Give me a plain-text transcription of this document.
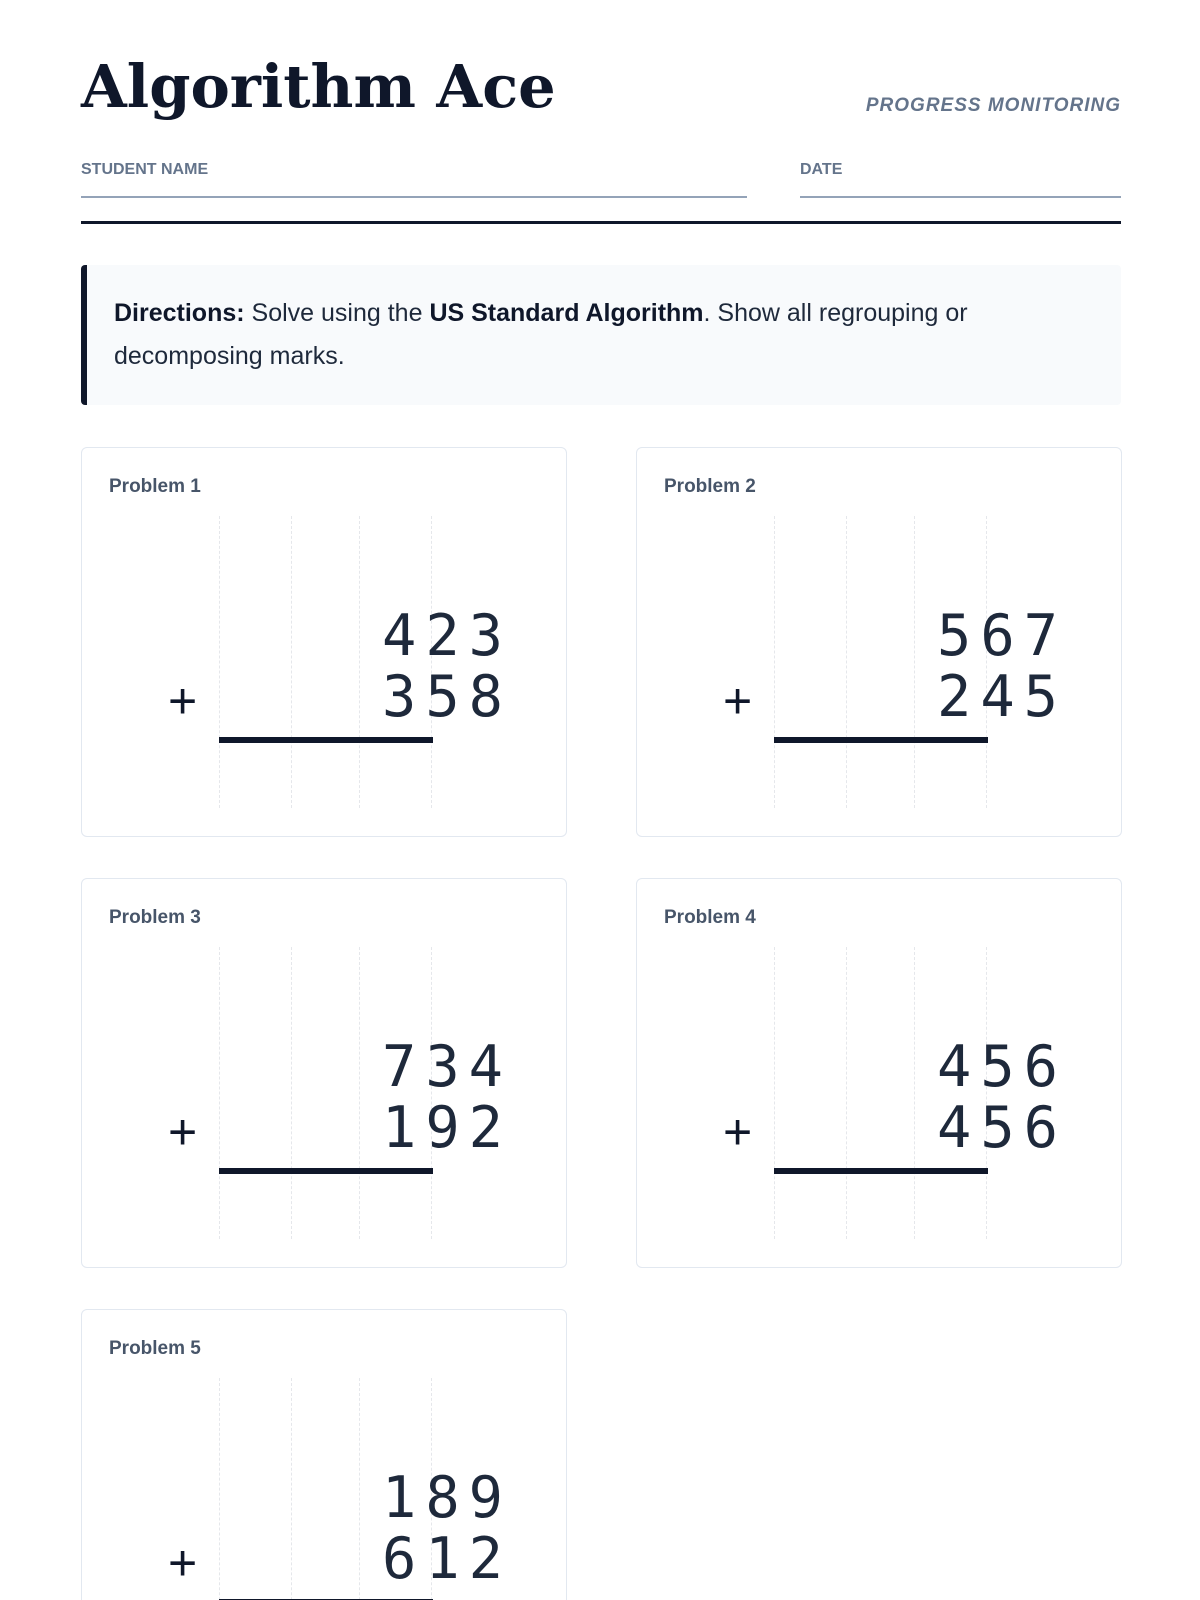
Algorithm Ace	PROGRESS MONITORING
STUDENT NAME	DATE

Directions: Solve using the US Standard Algorithm. Show all regrouping or decomposing marks.

Problem 1
423
358
+
Problem 2
567
245
+
Problem 3
734
192
+
Problem 4
456
456
+
Problem 5
189
612
+
